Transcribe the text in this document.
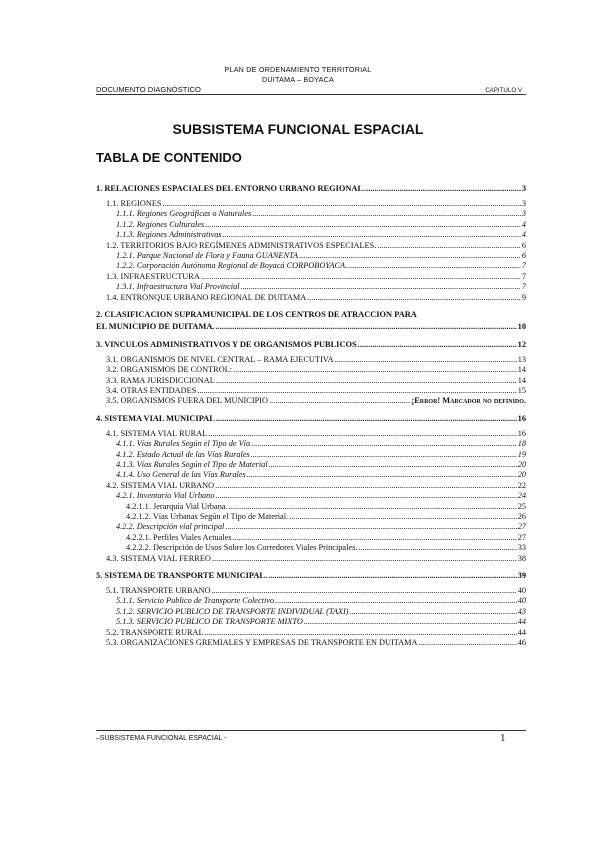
PLAN DE ORDENAMIENTO TERRITORIAL
DUITAMA – BOYACA
DOCUMENTO DIAGNÓSTICO	CAPITULO V
SUBSISTEMA FUNCIONAL ESPACIAL
TABLA DE CONTENIDO
1. RELACIONES ESPACIALES DEL ENTORNO URBANO REGIONAL .....	3
1.1. REGIONES .....	3
1.1.1. Regiones Geográficas o Naturales .....	3
1.1.2. Regiones Culturales .....	4
1.1.3. Regiones Administrativas .....	4
1.2. TERRITORIOS BAJO REGÍMENES ADMINISTRATIVOS ESPECIALES. .....	6
1.2.1. Parque Nacional de Flora y Fauna GUANENTA .....	6
1.2.2. Corporación Autónoma Regional de Boyacá CORPOBOYACA .....	7
1.3. INFRAESTRUCTURA .....	7
1.3.1. Infraestructura Vial Provincial .....	7
1.4. ENTRONQUE URBANO REGIONAL DE DUITAMA .....	9
2. CLASIFICACION SUPRAMUNICIPAL DE LOS CENTROS DE ATRACCION PARA
EL MUNICIPIO DE DUITAMA. .....	10
3. VINCULOS ADMINISTRATIVOS Y DE ORGANISMOS PUBLICOS .....	12
3.1. ORGANISMOS DE NIVEL CENTRAL – RAMA EJECUTIVA .....	13
3.2. ORGANISMOS DE CONTROL: .....	14
3.3. RAMA JURISDICCIONAL .....	14
3.4. OTRAS ENTIDADES .....	15
3.5. ORGANISMOS FUERA DEL MUNICIPIO .....	¡Error! Marcador no definido.
4. SISTEMA VIAL MUNICIPAL .....	16
4.1. SISTEMA VIAL RURAL .....	16
4.1.1. Vías Rurales Según el Tipo de Vía .....	18
4.1.2. Estado Actual de las Vías Rurales .....	19
4.1.3. Vías Rurales Según el Tipo de Material .....	20
4.1.4. Uso General de las Vías Rurales .....	20
4.2. SISTEMA VIAL URBANO .....	22
4.2.1. Inventario Vial Urbano .....	24
4.2.1.1. Jerarquía Vial Urbana. .....	25
4.2.1.2. Vías Urbanas Según el Tipo de Material. .....	26
4.2.2. Descripción vial principal .....	27
4.2.2.1. Perfiles Viales Actuales .....	27
4.2.2.2. Descripción de Usos Sobre los Corredores Viales Principales. .....	33
4.3. SISTEMA VIAL FERREO .....	38
5. SISTEMA DE TRANSPORTE MUNICIPAL. .....	39
5.1. TRANSPORTE URBANO .....	40
5.1.1. Servicio Publico de Transporte Colectivo .....	40
5.1.2. SERVICIO PUBLICO DE TRANSPORTE INDIVIDUAL (TAXI) .....	43
5.1.3. SERVICIO PUBLICO DE TRANSPORTE MIXTO .....	44
5.2. TRANSPORTE RURAL .....	44
5.3. ORGANIZACIONES GREMIALES Y EMPRESAS DE TRANSPORTE EN DUITAMA .....	46
–SUBSISTEMA FUNCIONAL ESPACIAL -	1
